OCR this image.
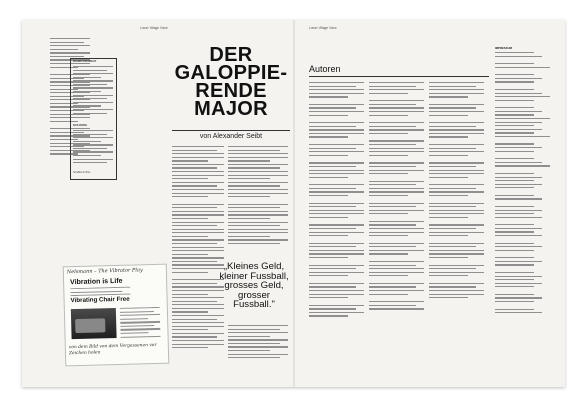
Lower Village Voice
RAUM FÜR KREAT
DAS DÖRLI
Nordblock Olten
DER
GALOPPIE-
RENDE
MAJOR
von Alexander Seibt
„Kleines Geld, kleiner Fussball, grosses Geld, grosser Fussball."
Nelsmann – The Vibrator Play
Vibration is Life
Vibrating Chair Free
von dem Bild von dem Vergessenen vor Zeichen holen
Lower Village Voice
Autoren
IMPRESSUM
